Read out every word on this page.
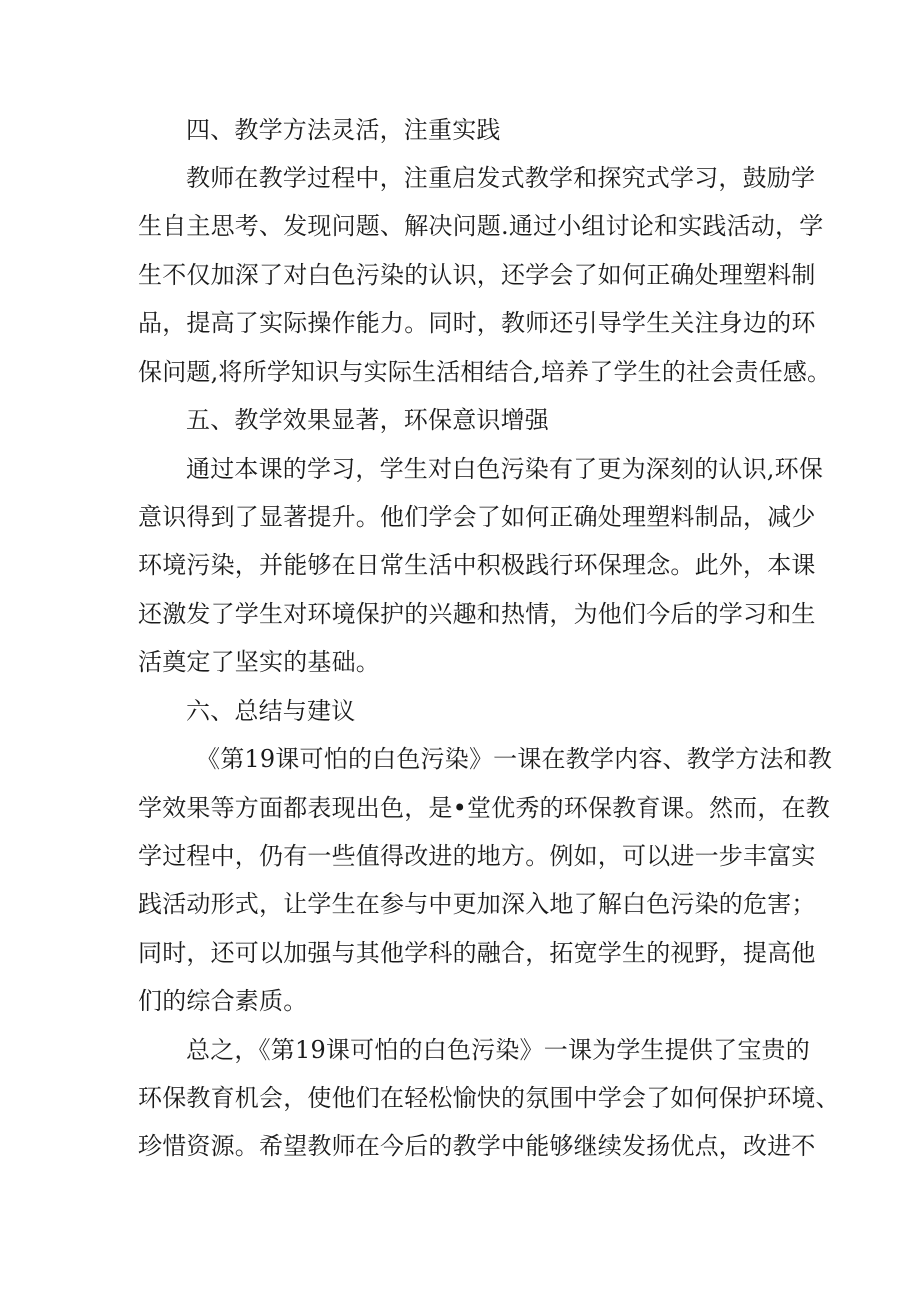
四、教学方法灵活，注重实践
教师在教学过程中，注重启发式教学和探究式学习，鼓励学
生自主思考、发现问题、解决问题.通过小组讨论和实践活动，学
生不仅加深了对白色污染的认识，还学会了如何正确处理塑料制
品，提高了实际操作能力。同时，教师还引导学生关注身边的环
保问题,将所学知识与实际生活相结合,培养了学生的社会责任感。
五、教学效果显著，环保意识增强
通过本课的学习，学生对白色污染有了更为深刻的认识,环保
意识得到了显著提升。他们学会了如何正确处理塑料制品，减少
环境污染，并能够在日常生活中积极践行环保理念。此外，本课
还激发了学生对环境保护的兴趣和热情，为他们今后的学习和生
活奠定了坚实的基础。
六、总结与建议
《第19课可怕的白色污染》一课在教学内容、教学方法和教
学效果等方面都表现出色，是•堂优秀的环保教育课。然而，在教
学过程中，仍有一些值得改进的地方。例如，可以进一步丰富实
践活动形式，让学生在参与中更加深入地了解白色污染的危害；
同时，还可以加强与其他学科的融合，拓宽学生的视野，提高他
们的综合素质。
总之，《第19课可怕的白色污染》一课为学生提供了宝贵的
环保教育机会，使他们在轻松愉快的氛围中学会了如何保护环境、
珍惜资源。希望教师在今后的教学中能够继续发扬优点，改进不
